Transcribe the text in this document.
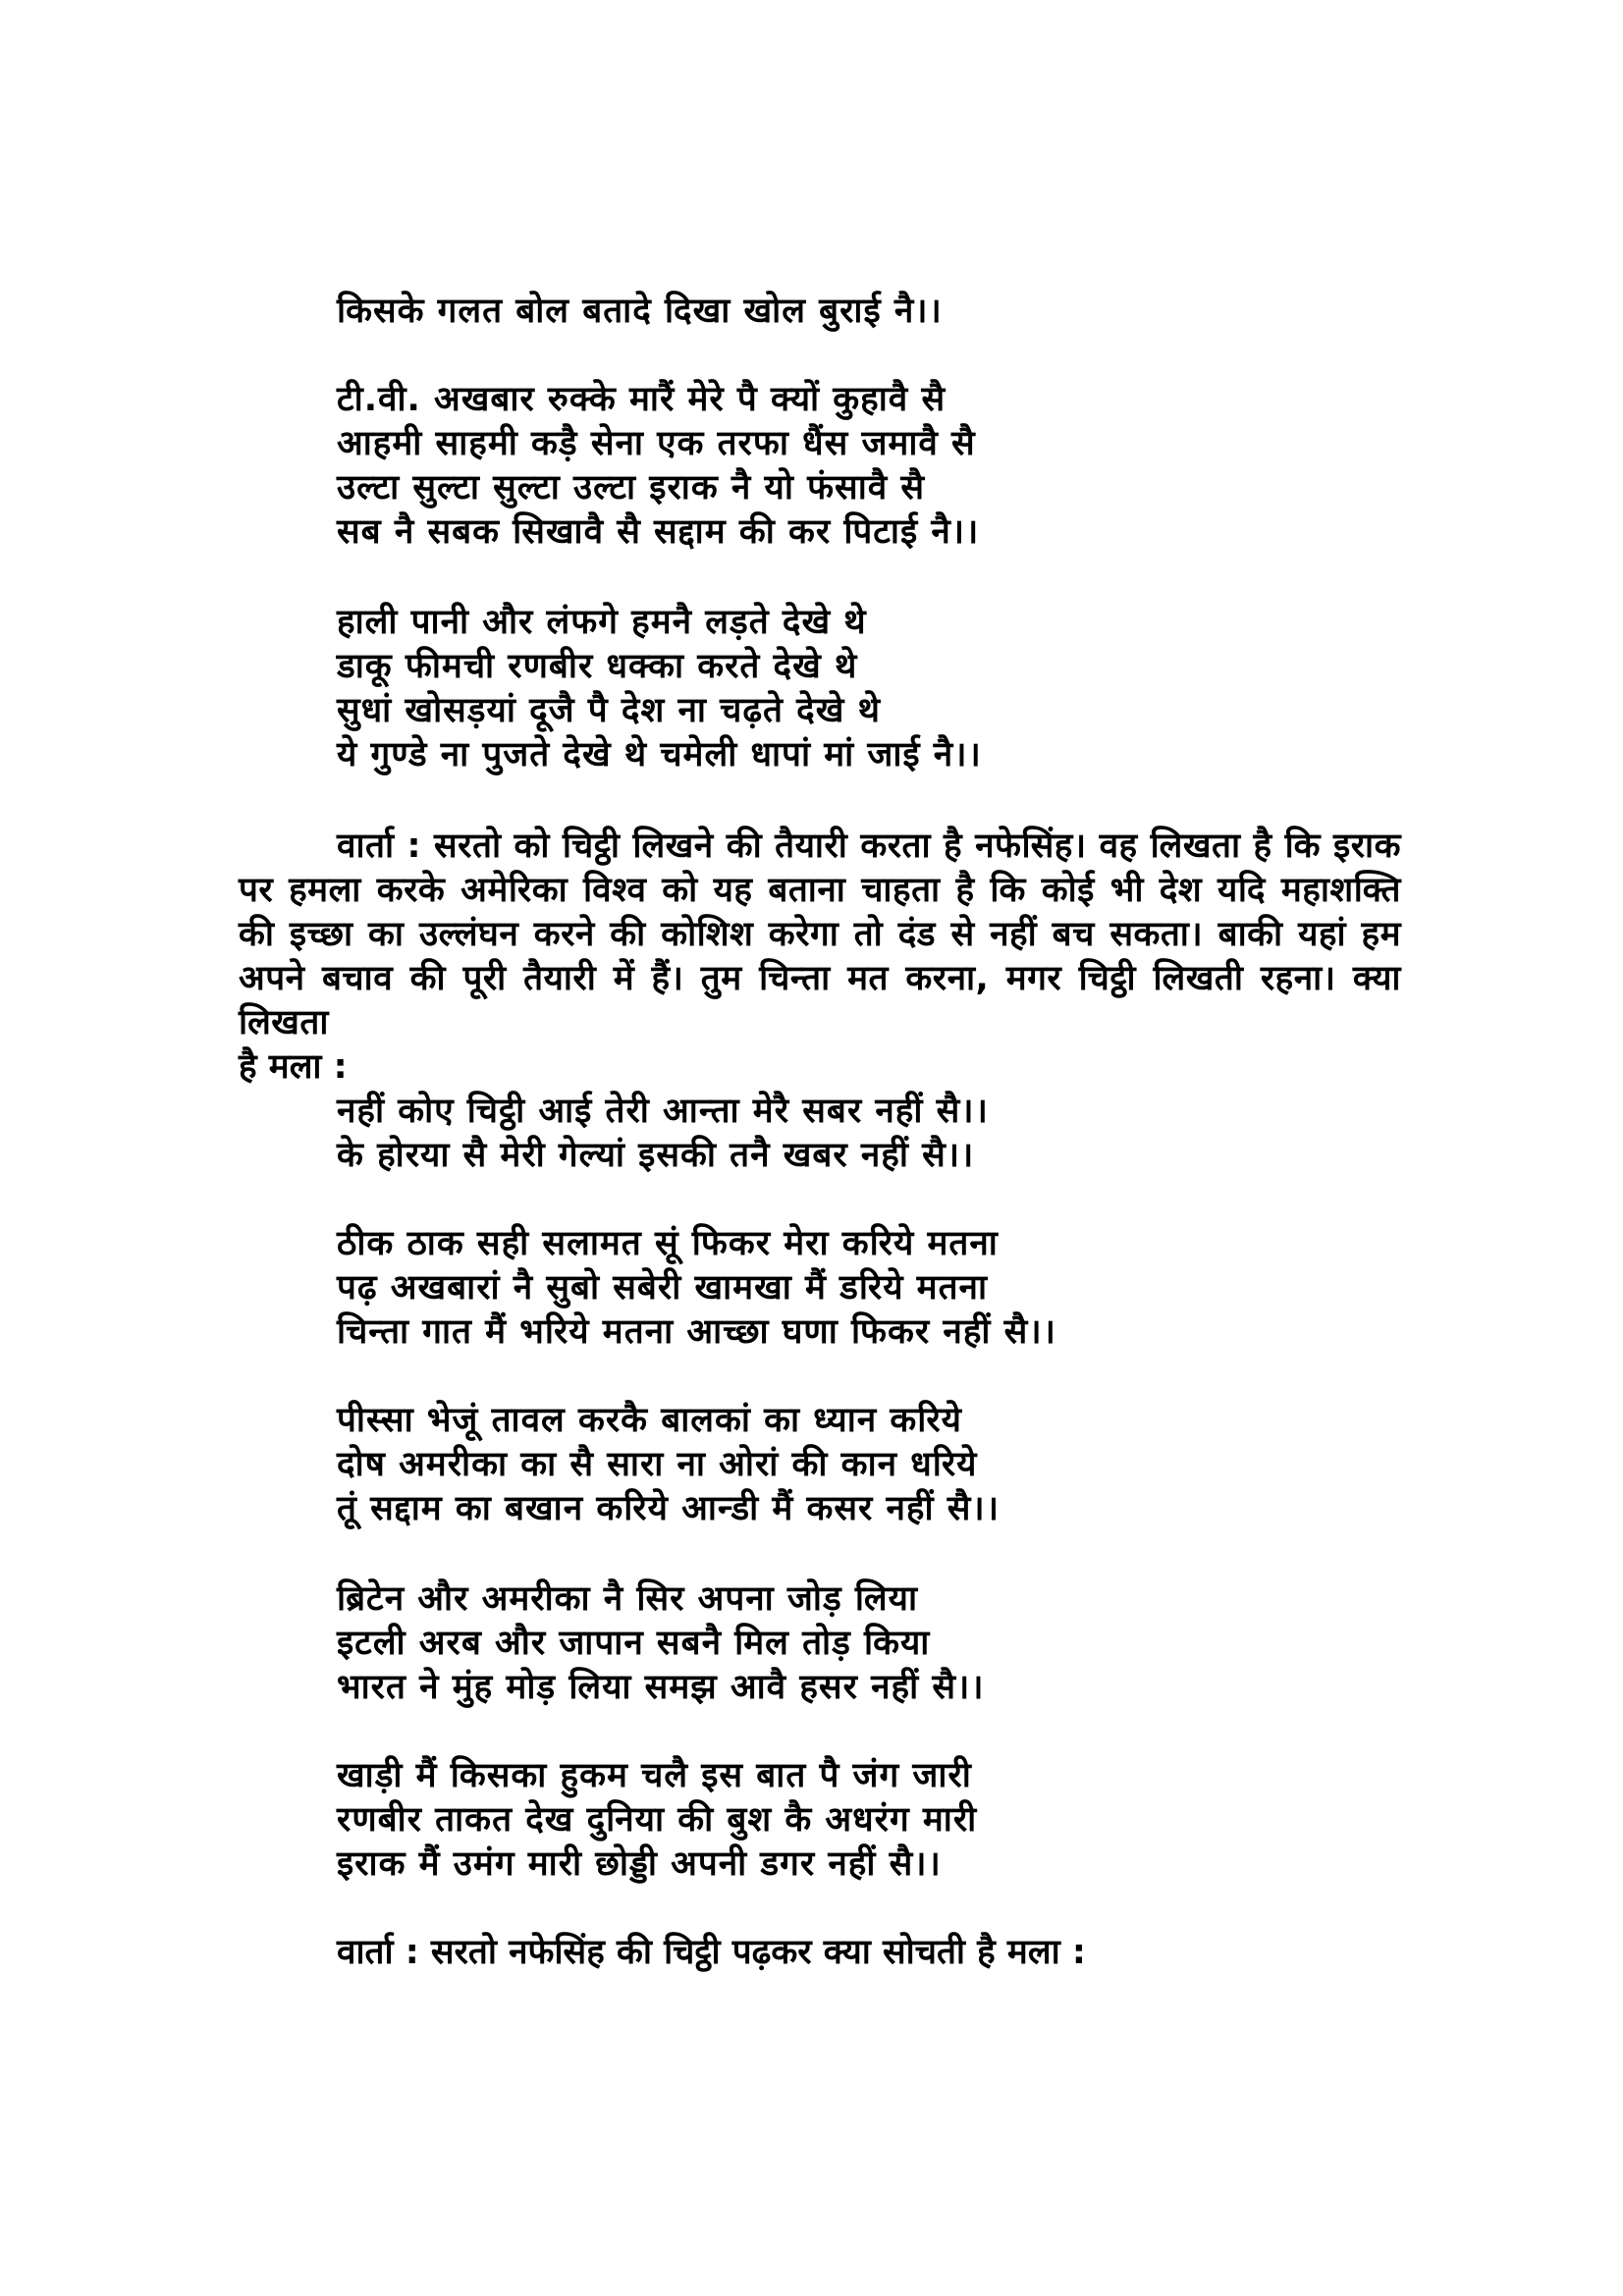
किसके गलत बोल बतादे दिखा खोल बुराई नै।।
टी.वी. अखबार रुक्के मारैं मेरे पै क्यों कुहावै सै
आहमी साहमी कड़ै सेना एक तरफा धैंस जमावै सै
उल्टा सुल्टा सुल्टा उल्टा इराक नै यो फंसावै सै
सब नै सबक सिखावै सै सद्दाम की कर पिटाई नै।।
हाली पानी और लंफगे हमनै लड़ते देखे थे
डाकू फीमची रणबीर धक्का करते देखे थे
सुधां खोसड़यां दूजै पै देश ना चढ़ते देखे थे
ये गुण्डे ना पुजते देखे थे चमेली धापां मां जाई नै।।

वार्ता : सरतो को चिट्ठी लिखने की तैयारी करता है नफेसिंह। वह लिखता है कि इराक पर हमला करके अमेरिका विश्व को यह बताना चाहता है कि कोई भी देश यदि महाशक्ति की इच्छा का उल्लंघन करने की कोशिश करेगा तो दंड से नहीं बच सकता। बाकी यहां हम अपने बचाव की पूरी तैयारी में हैं। तुम चिन्ता मत करना, मगर चिट्ठी लिखती रहना। क्या लिखता

है मला :

नहीं कोए चिट्ठी आई तेरी आन्ता मेरै सबर नहीं सै।।
के होरया सै मेरी गेल्यां इसकी तनै खबर नहीं सै।।
ठीक ठाक सही सलामत सूं फिकर मेरा करिये मतना
पढ़ अखबारां नै सुबो सबेरी खामखा मैं डरिये मतना
चिन्ता गात मैं भरिये मतना आच्छा घणा फिकर नहीं सै।।
पीस्सा भेजूं तावल करकै बालकां का ध्यान करिये
दोष अमरीका का सै सारा ना ओरां की कान धरिये
तूं सद्दाम का बखान करिये आन्डी मैं कसर नहीं सै।।
ब्रिटेन और अमरीका नै सिर अपना जोड़ लिया
इटली अरब और जापान सबनै मिल तोड़ किया
भारत ने मुंह मोड़ लिया समझ आवै हसर नहीं सै।।
खाड़ी मैं किसका हुकम चलै इस बात पै जंग जारी
रणबीर ताकत देख दुनिया की बुश कै अधरंग मारी
इराक मैं उमंग मारी छोड्डी अपनी डगर नहीं सै।।

वार्ता : सरतो नफेसिंह की चिट्ठी पढ़कर क्या सोचती है मला :
